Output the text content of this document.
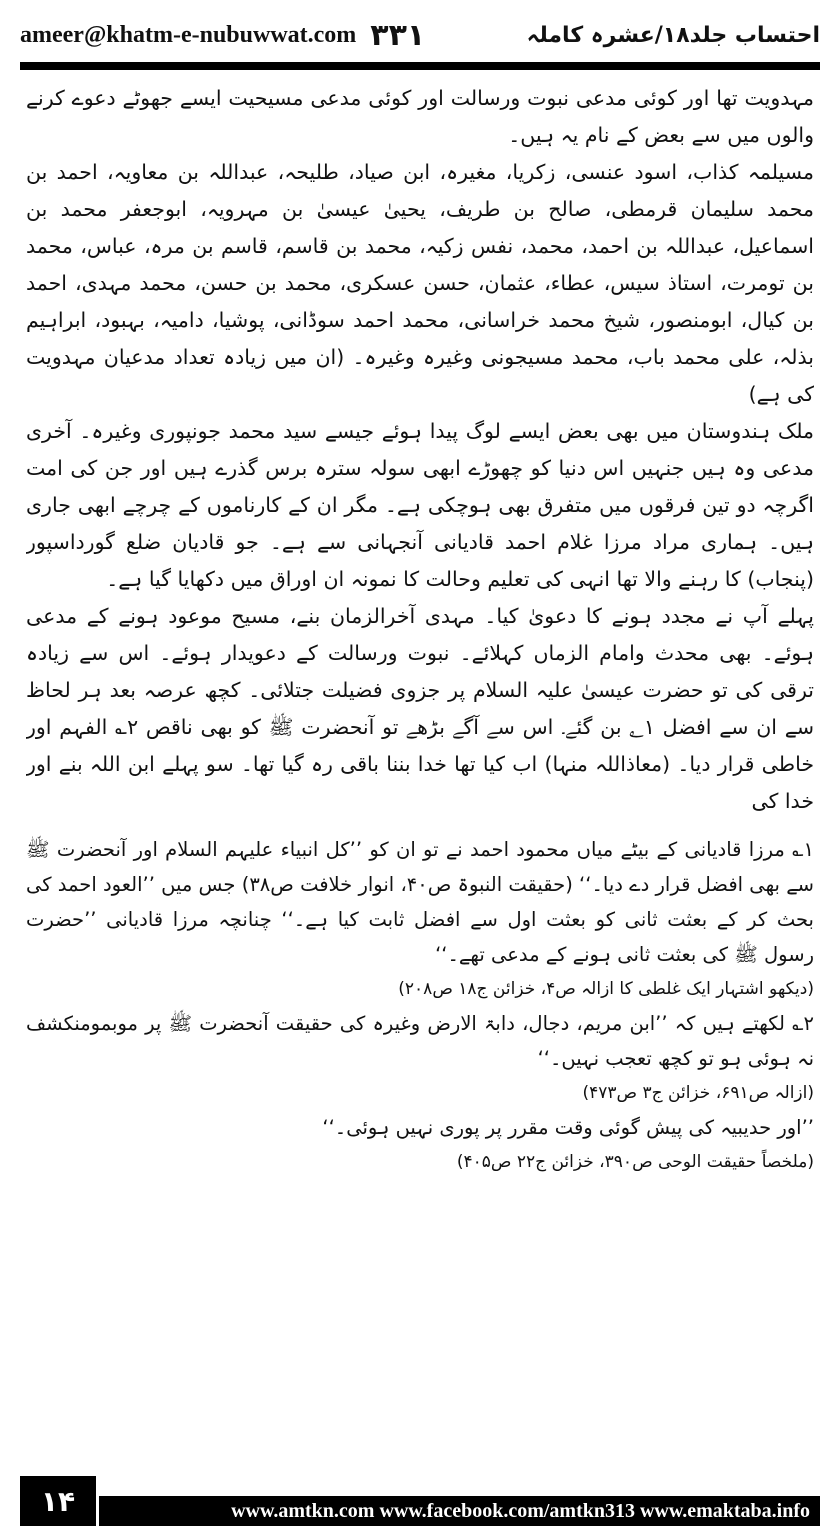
ameer@khatm-e-nubuwwat.com ۳۳۱	احتساب جلد۱۸/عشرہ کاملہ

مہدویت تھا اور کوئی مدعی نبوت ورسالت اور کوئی مدعی مسیحیت ایسے جھوٹے دعوے کرنے والوں میں سے بعض کے نام یہ ہیں۔

مسیلمہ کذاب، اسود عنسی، زکریا، مغیرہ، ابن صیاد، طلیحہ، عبداللہ بن معاویہ، احمد بن محمد سلیمان قرمطی، صالح بن طریف، یحییٰ عیسیٰ بن مہرویہ، ابوجعفر محمد بن اسماعیل، عبداللہ بن احمد، محمد، نفس زکیہ، محمد بن قاسم، قاسم بن مرہ، عباس، محمد بن تومرت، استاذ سیس، عطاء، عثمان، حسن عسکری، محمد بن حسن، محمد مہدی، احمد بن کیال، ابومنصور، شیخ محمد خراسانی، محمد احمد سوڈانی، پوشیا، دامیہ، بہبود، ابراہیم بذلہ، علی محمد باب، محمد مسیجونی وغیرہ وغیرہ۔ (ان میں زیادہ تعداد مدعیان مہدویت کی ہے)

ملک ہندوستان میں بھی بعض ایسے لوگ پیدا ہوئے جیسے سید محمد جونپوری وغیرہ۔ آخری مدعی وہ ہیں جنہیں اس دنیا کو چھوڑے ابھی سولہ سترہ برس گذرے ہیں اور جن کی امت اگرچہ دو تین فرقوں میں متفرق بھی ہوچکی ہے۔ مگر ان کے کارناموں کے چرچے ابھی جاری ہیں۔ ہماری مراد مرزا غلام احمد قادیانی آنجہانی سے ہے۔ جو قادیان ضلع گورداسپور (پنجاب) کا رہنے والا تھا انہی کی تعلیم وحالت کا نمونہ ان اوراق میں دکھایا گیا ہے۔

پہلے آپ نے مجدد ہونے کا دعویٰ کیا۔ مہدی آخرالزمان بنے، مسیح موعود ہونے کے مدعی ہوئے۔ بھی محدث وامام الزماں کہلائے۔ نبوت ورسالت کے دعویدار ہوئے۔ اس سے زیادہ ترقی کی تو حضرت عیسیٰ علیہ السلام پر جزوی فضیلت جتلائی۔ کچھ عرصہ بعد ہر لحاظ سے ان سے افضل ۱؎ بن گئے۔ اس سے آگے بڑھے تو آنحضرت ﷺ کو بھی ناقص ۲؎ الفہم اور خاطی قرار دیا۔ (معاذاللہ منہا) اب کیا تھا خدا بننا باقی رہ گیا تھا۔ سو پہلے ابن اللہ بنے اور خدا کی

۱؎ مرزا قادیانی کے بیٹے میاں محمود احمد نے تو ان کو ’’کل انبیاء علیہم السلام اور آنحضرت ﷺ سے بھی افضل قرار دے دیا۔‘‘ (حقیقت النبوۃ ص۴۰، انوار خلافت ص۳۸) جس میں ’’العود احمد کی بحث کر کے بعثت ثانی کو بعثت اول سے افضل ثابت کیا ہے۔‘‘ چنانچہ مرزا قادیانی ’’حضرت رسول ﷺ کی بعثت ثانی ہونے کے مدعی تھے۔‘‘

(دیکھو اشتہار ایک غلطی کا ازالہ ص۴، خزائن ج۱۸ ص۲۰۸)

۲؎ لکھتے ہیں کہ ’’ابن مریم، دجال، دابۃ الارض وغیرہ کی حقیقت آنحضرت ﷺ پر موبمومنکشف نہ ہوئی ہو تو کچھ تعجب نہیں۔‘‘

(ازالہ ص۶۹۱، خزائن ج۳ ص۴۷۳)

’’اور حدیبیہ کی پیش گوئی وقت مقرر پر پوری نہیں ہوئی۔‘‘

(ملخصاً حقیقت الوحی ص۳۹۰، خزائن ج۲۲ ص۴۰۵)

www.amtkn.com www.facebook.com/amtkn313 www.emaktaba.info
۱۴
